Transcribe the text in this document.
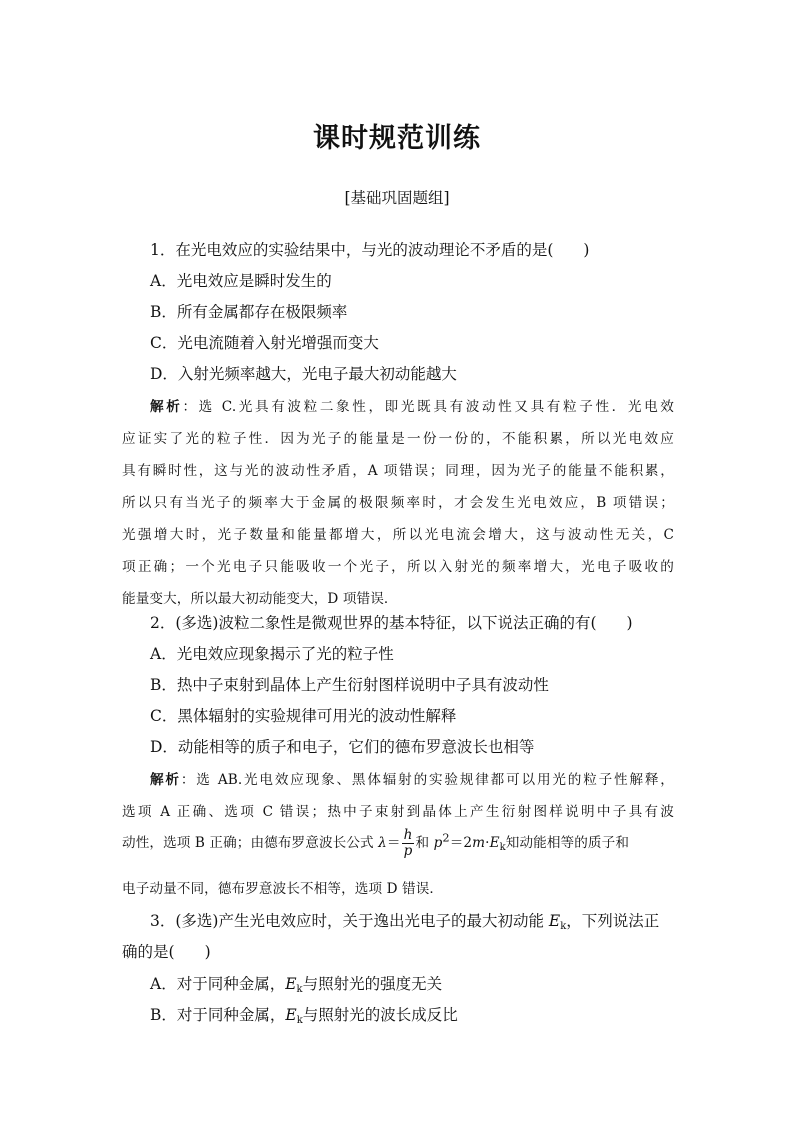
课时规范训练
[基础巩固题组]
1．在光电效应的实验结果中，与光的波动理论不矛盾的是( )
A．光电效应是瞬时发生的
B．所有金属都存在极限频率
C．光电流随着入射光增强而变大
D．入射光频率越大，光电子最大初动能越大
解析：选 C.光具有波粒二象性，即光既具有波动性又具有粒子性．光电效
应证实了光的粒子性．因为光子的能量是一份一份的，不能积累，所以光电效应
具有瞬时性，这与光的波动性矛盾，A 项错误；同理，因为光子的能量不能积累，
所以只有当光子的频率大于金属的极限频率时，才会发生光电效应，B 项错误；
光强增大时，光子数量和能量都增大，所以光电流会增大，这与波动性无关，C
项正确；一个光电子只能吸收一个光子，所以入射光的频率增大，光电子吸收的
能量变大，所以最大初动能变大，D 项错误．
2．(多选)波粒二象性是微观世界的基本特征，以下说法正确的有( )
A．光电效应现象揭示了光的粒子性
B．热中子束射到晶体上产生衍射图样说明中子具有波动性
C．黑体辐射的实验规律可用光的波动性解释
D．动能相等的质子和电子，它们的德布罗意波长也相等
解析：选 AB.光电效应现象、黑体辐射的实验规律都可以用光的粒子性解释，
选项 A 正确、选项 C 错误；热中子束射到晶体上产生衍射图样说明中子具有波
动性，选项 B 正确；由德布罗意波长公式 $\lambda= \frac{h}{p}$ 和 $p^2=2m\cdot E_k$知动能相等的质子和
电子动量不同，德布罗意波长不相等，选项 D 错误．
3．(多选)产生光电效应时，关于逸出光电子的最大初动能 $E_k$，下列说法正
确的是( )
A．对于同种金属，$E_k$与照射光的强度无关
B．对于同种金属，$E_k$与照射光的波长成反比
